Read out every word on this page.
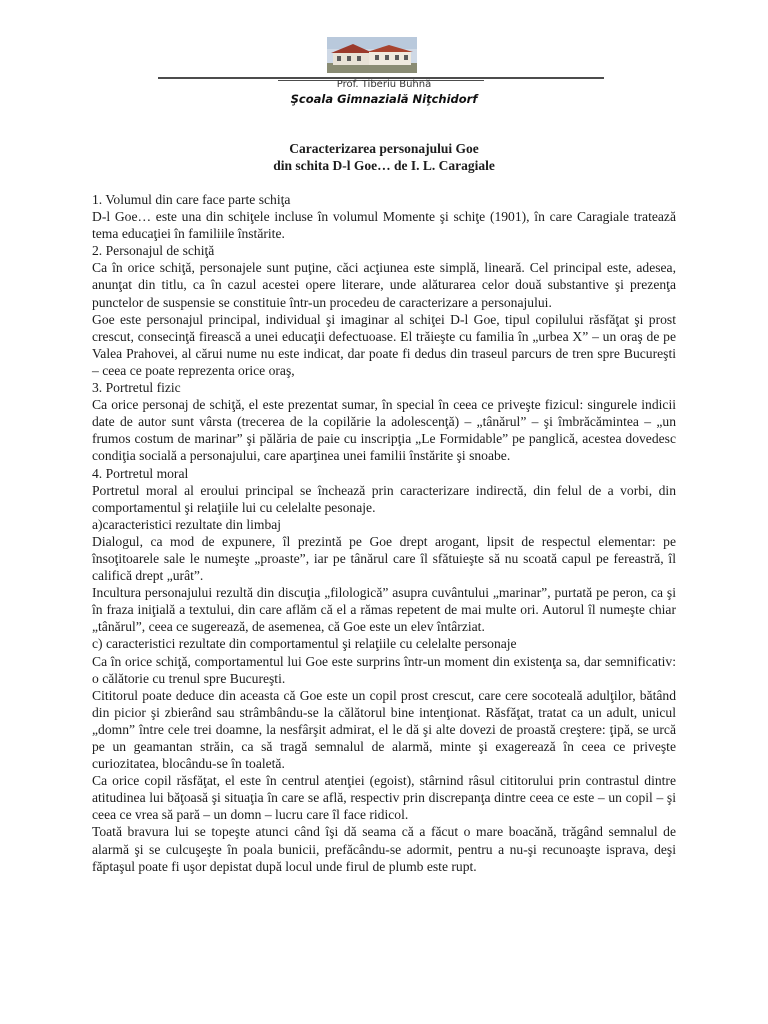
Prof. Tiberiu Buhnă
Şcoala Gimnazială Niţchidorf
Caracterizarea personajului Goe
din schita D-l Goe… de I. L. Caragiale

1. Volumul din care face parte schiţa

D-l Goe… este una din schiţele incluse în volumul Momente şi schiţe (1901), în care Caragiale tratează tema educaţiei în familiile înstărite.

2. Personajul de schiţă

Ca în orice schiţă, personajele sunt puţine, căci acţiunea este simplă, lineară. Cel principal este, adesea, anunţat din titlu, ca în cazul acestei opere literare, unde alăturarea celor două substantive şi prezenţa punctelor de suspensie se constituie într-un procedeu de caracterizare a personajului.

Goe este personajul principal, individual şi imaginar al schiţei D-l Goe, tipul copilului răsfăţat şi prost crescut, consecinţă firească a unei educaţii defectuoase. El trăieşte cu familia în „urbea X” – un oraş de pe Valea Prahovei, al cărui nume nu este indicat, dar poate fi dedus din traseul parcurs de tren spre Bucureşti – ceea ce poate reprezenta orice oraş,

3. Portretul fizic

Ca orice personaj de schiţă, el este prezentat sumar, în special în ceea ce priveşte fizicul: singurele indicii date de autor sunt vârsta (trecerea de la copilărie la adolescenţă) – „tânărul” – şi îmbrăcămintea – „un frumos costum de marinar” şi pălăria de paie cu inscripţia „Le Formidable” pe panglică, acestea dovedesc condiţia socială a personajului, care aparţinea unei familii înstărite şi snoabe.

4. Portretul moral

Portretul moral al eroului principal se închează prin caracterizare indirectă, din felul de a vorbi, din comportamentul şi relaţiile lui cu celelalte pesonaje.

a)caracteristici rezultate din limbaj

Dialogul, ca mod de expunere, îl prezintă pe Goe drept arogant, lipsit de respectul elementar: pe însoţitoarele sale le numeşte „proaste”, iar pe tânărul care îl sfătuieşte să nu scoată capul pe fereastră, îl califică drept „urât”.

Incultura personajului rezultă din discuţia „filologică” asupra cuvântului „marinar”, purtată pe peron, ca şi în fraza iniţială a textului, din care aflăm că el a rămas repetent de mai multe ori. Autorul îl numeşte chiar „tânărul”, ceea ce sugerează, de asemenea, că Goe este un elev întârziat.

c) caracteristici rezultate din comportamentul şi relaţiile cu celelalte personaje

Ca în orice schiţă, comportamentul lui Goe este surprins într-un moment din existenţa sa, dar semnificativ: o călătorie cu trenul spre Bucureşti.

Cititorul poate deduce din aceasta că Goe este un copil prost crescut, care cere socoteală adulţilor, bătând din picior şi zbierând sau strâmbându-se la călătorul bine intenţionat. Răsfăţat, tratat ca un adult, unicul „domn” între cele trei doamne, la nesfârşit admirat, el le dă şi alte dovezi de proastă creştere: ţipă, se urcă pe un geamantan străin, ca să tragă semnalul de alarmă, minte şi exagerează în ceea ce priveşte curiozitatea, blocându-se în toaletă.

Ca orice copil răsfăţat, el este în centrul atenţiei (egoist), stârnind râsul cititorului prin contrastul dintre atitudinea lui băţoasă şi situaţia în care se află, respectiv prin discrepanţa dintre ceea ce este – un copil – şi ceea ce vrea să pară – un domn – lucru care îl face ridicol.

Toată bravura lui se topeşte atunci când îşi dă seama că a făcut o mare boacănă, trăgând semnalul de alarmă şi se culcuşeşte în poala bunicii, prefăcându-se adormit, pentru a nu-şi recunoaşte isprava, deşi făptaşul poate fi uşor depistat după locul unde firul de plumb este rupt.
